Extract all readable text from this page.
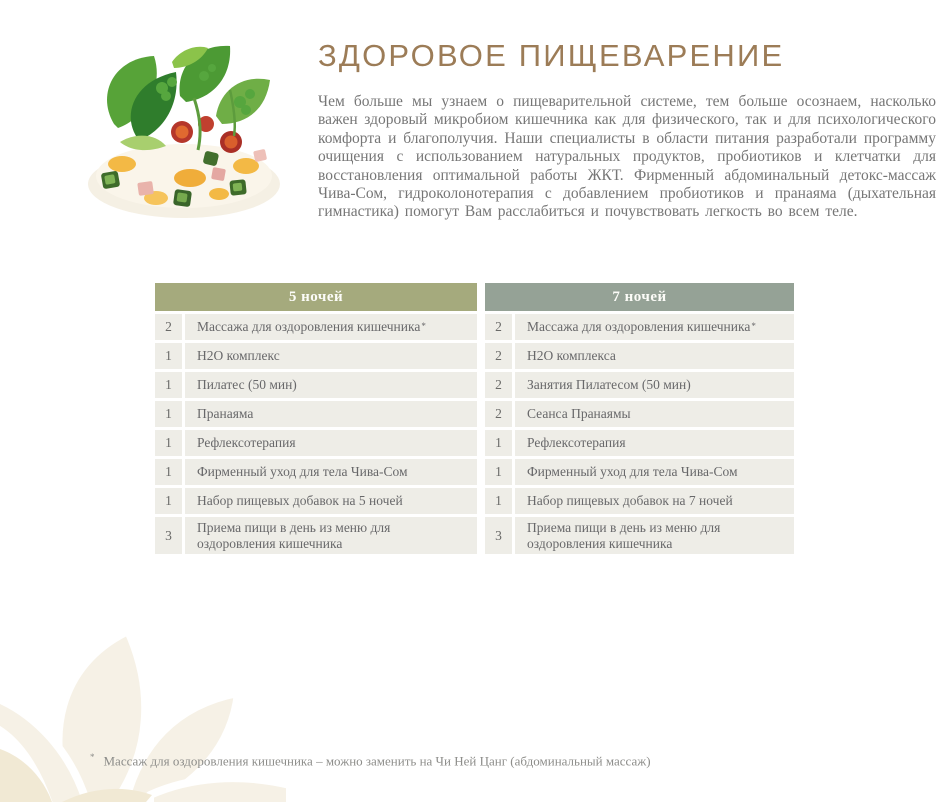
ЗДОРОВОЕ ПИЩЕВАРЕНИЕ

Чем больше мы узнаем о пищеварительной системе, тем больше осознаем, насколько важен здоровый микробиом кишечника как для физического, так и для психологического комфорта и благополучия. Наши специалисты в области питания разработали программу очищения с использованием натуральных продуктов, пробиотиков и клетчатки для восстановления оптимальной работы ЖКТ. Фирменный абдоминальный детокс-массаж Чива-Сом, гидроколонотерапия с добавлением пробиотиков и пранаяма (дыхательная гимнастика) помогут Вам расслабиться и почувствовать легкость во всем теле.

5 ночей
2	Массажа для оздоровления кишечника *
1	H2O комплекс
1	Пилатес (50 мин)
1	Пранаяма
1	Рефлексотерапия
1	Фирменный уход для тела Чива-Сом
1	Набор пищевых добавок на 5 ночей
3	Приема пищи в день из меню для оздоровления кишечника
7 ночей
2	Массажа для оздоровления кишечника *
2	H2O комплекса
2	Занятия Пилатесом (50 мин)
2	Сеанса Пранаямы
1	Рефлексотерапия
1	Фирменный уход для тела Чива-Сом
1	Набор пищевых добавок на 7 ночей
3	Приема пищи в день из меню для оздоровления кишечника
* Массаж для оздоровления кишечника – можно заменить на Чи Ней Цанг (абдоминальный массаж)
